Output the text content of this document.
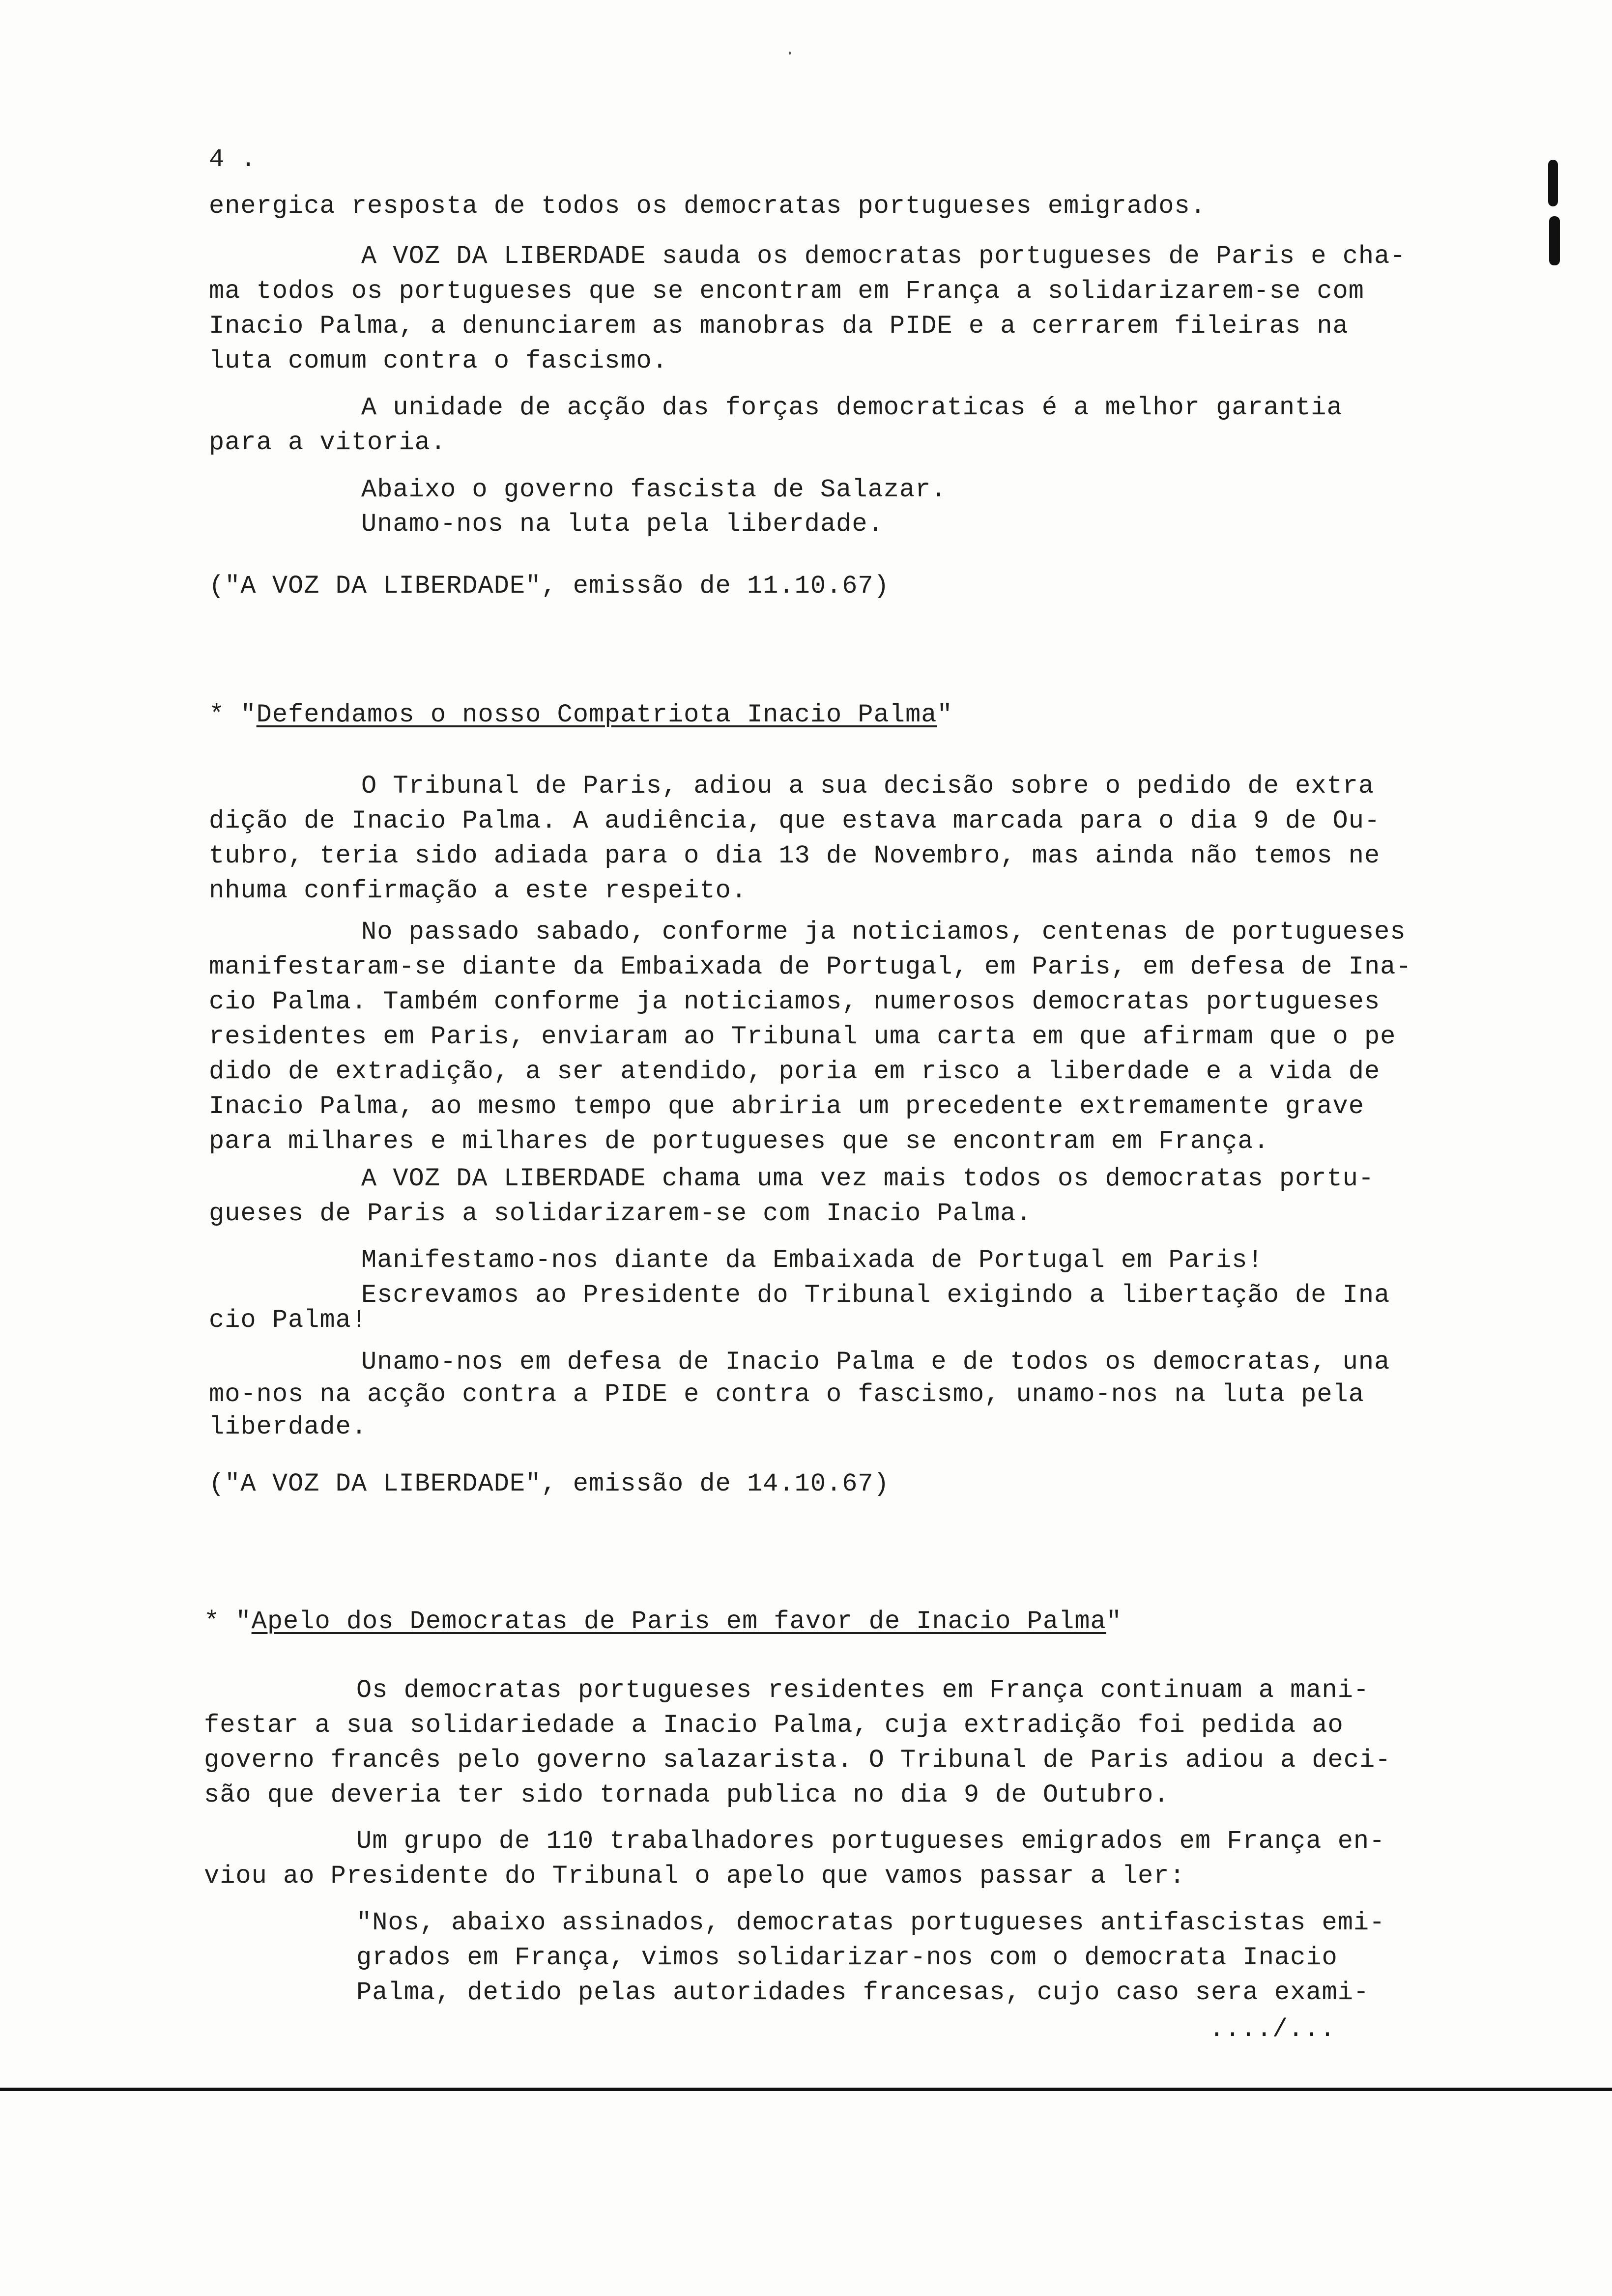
4 .
energica resposta de todos os democratas portugueses emigrados.
A VOZ DA LIBERDADE sauda os democratas portugueses de Paris e cha-
ma todos os portugueses que se encontram em França a solidarizarem-se com
Inacio Palma, a denunciarem as manobras da PIDE e a cerrarem fileiras na
luta comum contra o fascismo.
A unidade de acção das forças democraticas é a melhor garantia
para a vitoria.
Abaixo o governo fascista de Salazar.
Unamo-nos na luta pela liberdade.
("A VOZ DA LIBERDADE", emissão de 11.10.67)
* "Defendamos o nosso Compatriota Inacio Palma"
O Tribunal de Paris, adiou a sua decisão sobre o pedido de extra
dição de Inacio Palma. A audiência, que estava marcada para o dia 9 de Ou-
tubro, teria sido adiada para o dia 13 de Novembro, mas ainda não temos ne
nhuma confirmação a este respeito.
No passado sabado, conforme ja noticiamos, centenas de portugueses
manifestaram-se diante da Embaixada de Portugal, em Paris, em defesa de Ina-
cio Palma. Também conforme ja noticiamos, numerosos democratas portugueses
residentes em Paris, enviaram ao Tribunal uma carta em que afirmam que o pe
dido de extradição, a ser atendido, poria em risco a liberdade e a vida de
Inacio Palma, ao mesmo tempo que abriria um precedente extremamente grave
para milhares e milhares de portugueses que se encontram em França.
A VOZ DA LIBERDADE chama uma vez mais todos os democratas portu-
gueses de Paris a solidarizarem-se com Inacio Palma.
Manifestamo-nos diante da Embaixada de Portugal em Paris!
Escrevamos ao Presidente do Tribunal exigindo a libertação de Ina
cio Palma!
Unamo-nos em defesa de Inacio Palma e de todos os democratas, una
mo-nos na acção contra a PIDE e contra o fascismo, unamo-nos na luta pela
liberdade.
("A VOZ DA LIBERDADE", emissão de 14.10.67)
* "Apelo dos Democratas de Paris em favor de Inacio Palma"
Os democratas portugueses residentes em França continuam a mani-
festar a sua solidariedade a Inacio Palma, cuja extradição foi pedida ao
governo francês pelo governo salazarista. O Tribunal de Paris adiou a deci-
são que deveria ter sido tornada publica no dia 9 de Outubro.
Um grupo de 110 trabalhadores portugueses emigrados em França en-
viou ao Presidente do Tribunal o apelo que vamos passar a ler:
"Nos, abaixo assinados, democratas portugueses antifascistas emi-
grados em França, vimos solidarizar-nos com o democrata Inacio
Palma, detido pelas autoridades francesas, cujo caso sera exami-
..../...
